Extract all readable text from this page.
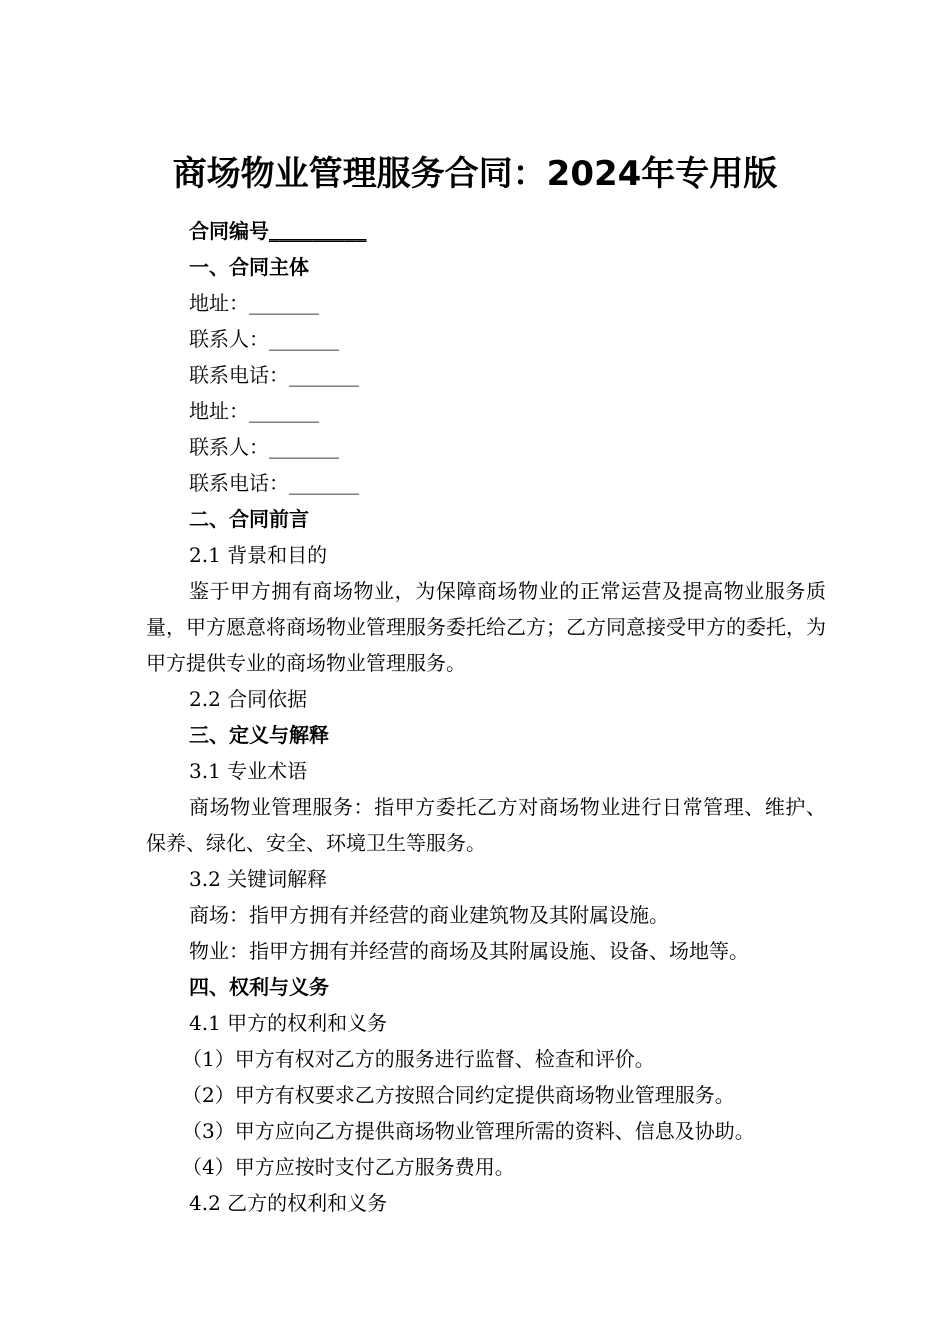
商场物业管理服务合同：2024年专用版
合同编号_________
一、合同主体
地址：_______
联系人：_______
联系电话：_______
地址：_______
联系人：_______
联系电话：_______
二、合同前言
2.1 背景和目的
鉴于甲方拥有商场物业，为保障商场物业的正常运营及提高物业服务质量，甲方愿意将商场物业管理服务委托给乙方；乙方同意接受甲方的委托，为甲方提供专业的商场物业管理服务。
2.2 合同依据
三、定义与解释
3.1 专业术语
商场物业管理服务：指甲方委托乙方对商场物业进行日常管理、维护、保养、绿化、安全、环境卫生等服务。
3.2 关键词解释
商场：指甲方拥有并经营的商业建筑物及其附属设施。
物业：指甲方拥有并经营的商场及其附属设施、设备、场地等。
四、权利与义务
4.1 甲方的权利和义务
（1）甲方有权对乙方的服务进行监督、检查和评价。
（2）甲方有权要求乙方按照合同约定提供商场物业管理服务。
（3）甲方应向乙方提供商场物业管理所需的资料、信息及协助。
（4）甲方应按时支付乙方服务费用。
4.2 乙方的权利和义务
